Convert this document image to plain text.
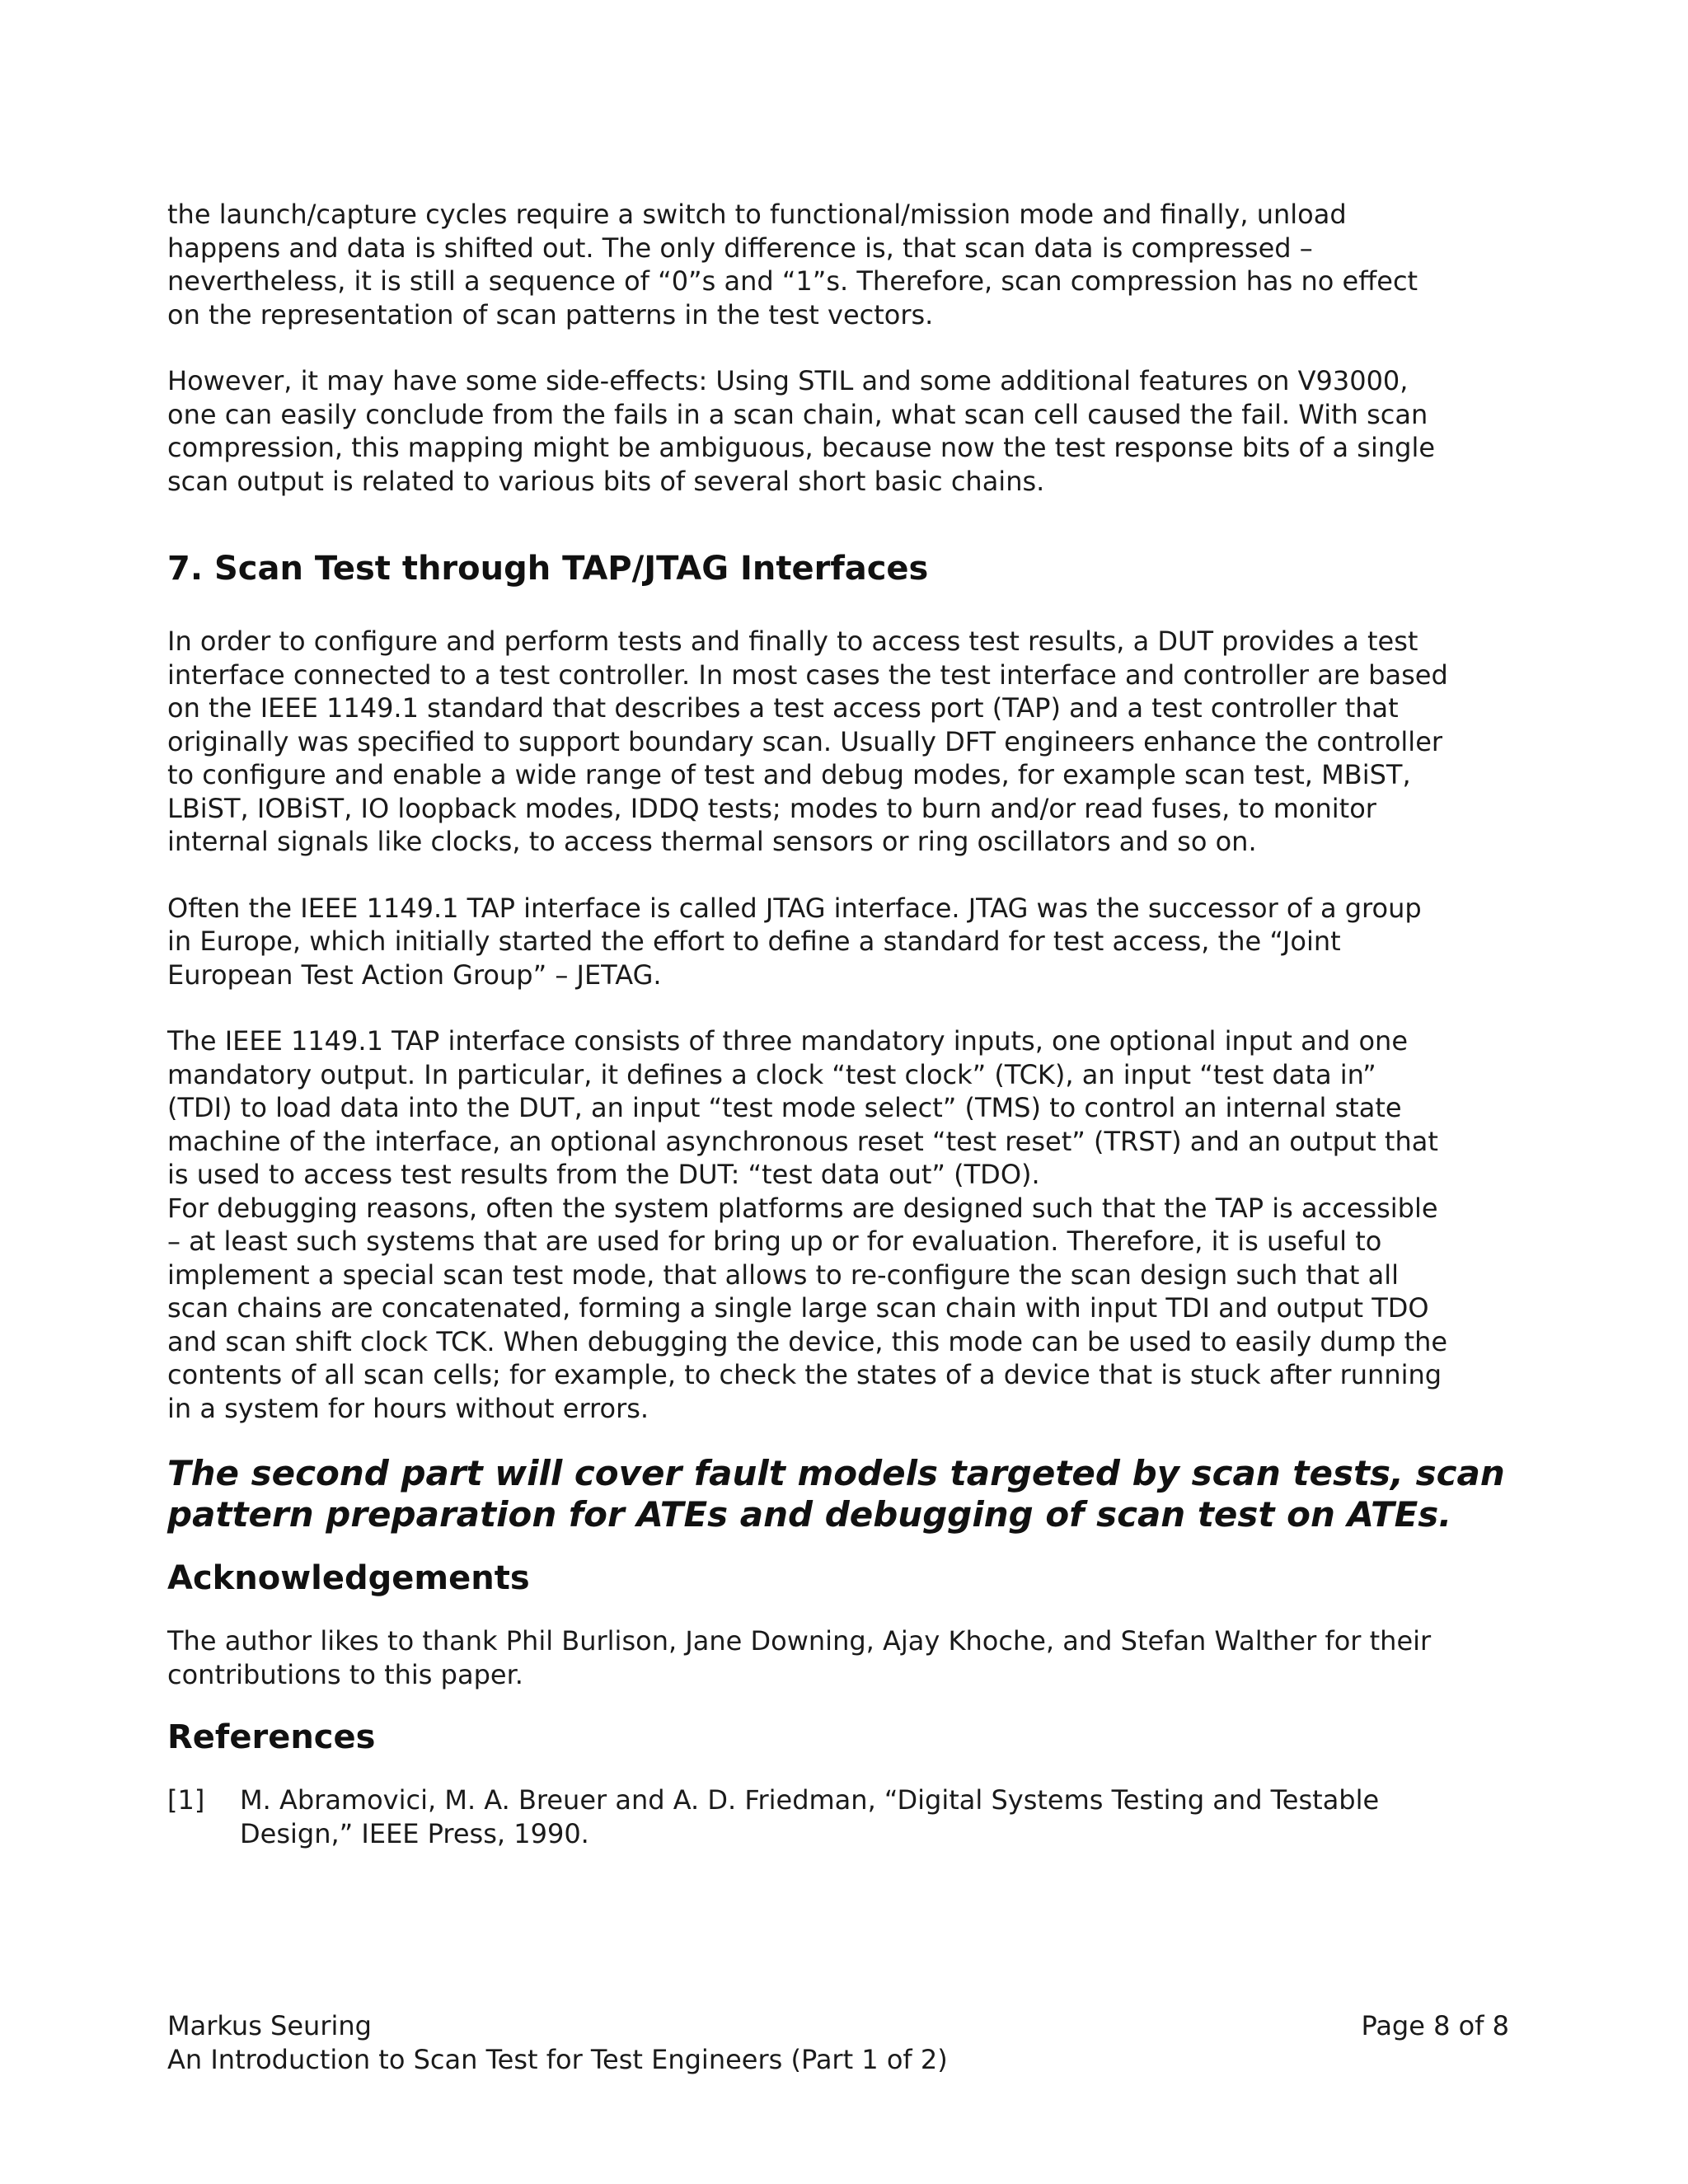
the launch/capture cycles require a switch to functional/mission mode and finally, unload
happens and data is shifted out. The only difference is, that scan data is compressed –
nevertheless, it is still a sequence of “0”s and “1”s. Therefore, scan compression has no effect
on the representation of scan patterns in the test vectors.

However, it may have some side-effects: Using STIL and some additional features on V93000,
one can easily conclude from the fails in a scan chain, what scan cell caused the fail. With scan
compression, this mapping might be ambiguous, because now the test response bits of a single
scan output is related to various bits of several short basic chains.

7. Scan Test through TAP/JTAG Interfaces

In order to configure and perform tests and finally to access test results, a DUT provides a test
interface connected to a test controller. In most cases the test interface and controller are based
on the IEEE 1149.1 standard that describes a test access port (TAP) and a test controller that
originally was specified to support boundary scan. Usually DFT engineers enhance the controller
to configure and enable a wide range of test and debug modes, for example scan test, MBiST,
LBiST, IOBiST, IO loopback modes, IDDQ tests; modes to burn and/or read fuses, to monitor
internal signals like clocks, to access thermal sensors or ring oscillators and so on.

Often the IEEE 1149.1 TAP interface is called JTAG interface. JTAG was the successor of a group
in Europe, which initially started the effort to define a standard for test access, the “Joint
European Test Action Group” – JETAG.

The IEEE 1149.1 TAP interface consists of three mandatory inputs, one optional input and one
mandatory output. In particular, it defines a clock “test clock” (TCK), an input “test data in”
(TDI) to load data into the DUT, an input “test mode select” (TMS) to control an internal state
machine of the interface, an optional asynchronous reset “test reset” (TRST) and an output that
is used to access test results from the DUT: “test data out” (TDO).
For debugging reasons, often the system platforms are designed such that the TAP is accessible
– at least such systems that are used for bring up or for evaluation. Therefore, it is useful to
implement a special scan test mode, that allows to re-configure the scan design such that all
scan chains are concatenated, forming a single large scan chain with input TDI and output TDO
and scan shift clock TCK. When debugging the device, this mode can be used to easily dump the
contents of all scan cells; for example, to check the states of a device that is stuck after running
in a system for hours without errors.

The second part will cover fault models targeted by scan tests, scan
pattern preparation for ATEs and debugging of scan test on ATEs.

Acknowledgements

The author likes to thank Phil Burlison, Jane Downing, Ajay Khoche, and Stefan Walther for their
contributions to this paper.

References
[1]	M. Abramovici, M. A. Breuer and A. D. Friedman, “Digital Systems Testing and Testable
Design,” IEEE Press, 1990.
Markus Seuring	Page 8 of 8
An Introduction to Scan Test for Test Engineers (Part 1 of 2)
